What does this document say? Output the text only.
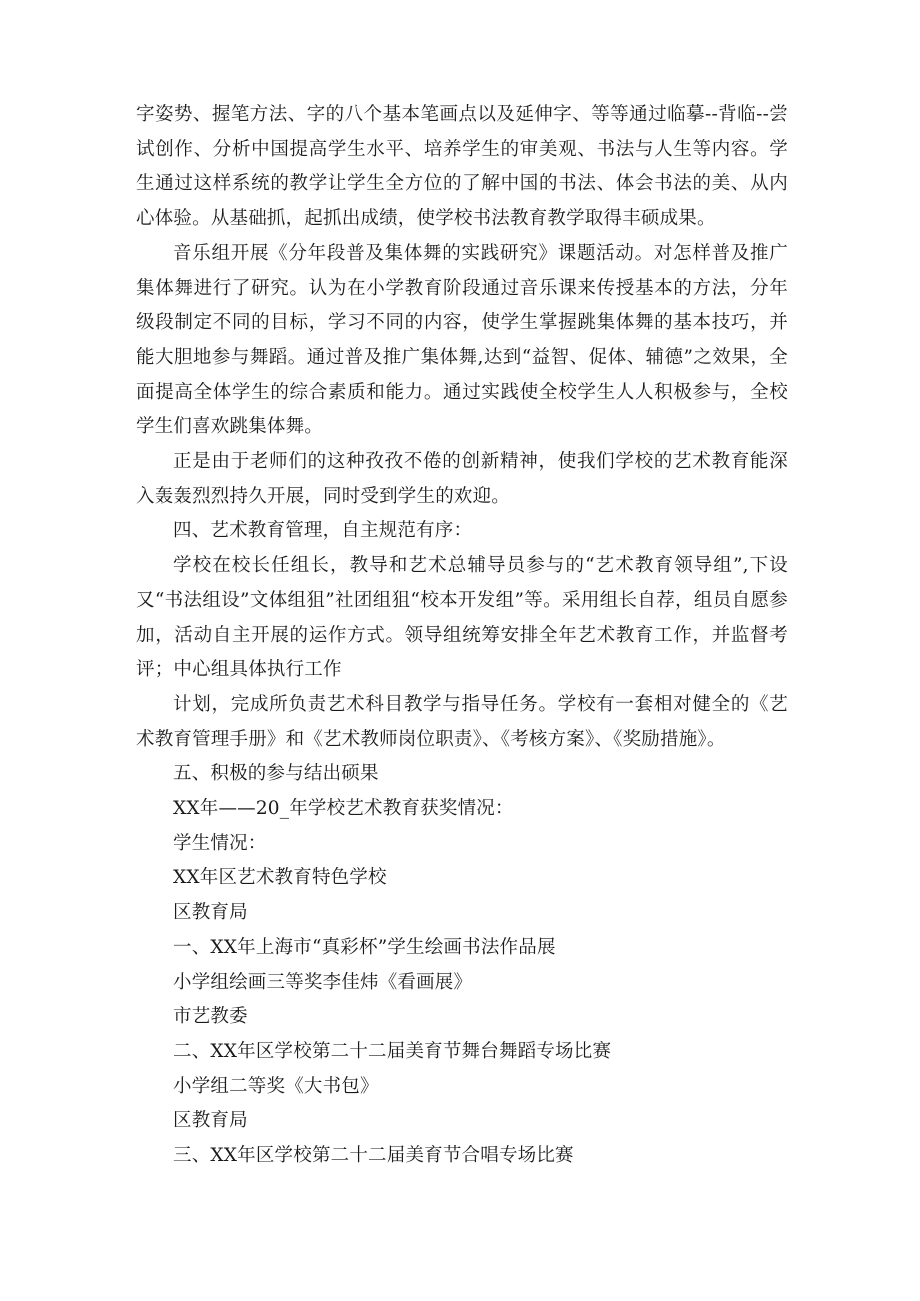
字姿势、握笔方法、字的八个基本笔画点以及延伸字、等等通过临摹--背临--尝试创作、分析中国提高学生水平、培养学生的审美观、书法与人生等内容。学生通过这样系统的教学让学生全方位的了解中国的书法、体会书法的美、从内心体验。从基础抓，起抓出成绩，使学校书法教育教学取得丰硕成果。

音乐组开展《分年段普及集体舞的实践研究》课题活动。对怎样普及推广集体舞进行了研究。认为在小学教育阶段通过音乐课来传授基本的方法，分年级段制定不同的目标，学习不同的内容，使学生掌握跳集体舞的基本技巧，并能大胆地参与舞蹈。通过普及推广集体舞,达到“益智、促体、辅德”之效果，全面提高全体学生的综合素质和能力。通过实践使全校学生人人积极参与，全校学生们喜欢跳集体舞。

正是由于老师们的这种孜孜不倦的创新精神，使我们学校的艺术教育能深入轰轰烈烈持久开展，同时受到学生的欢迎。

四、艺术教育管理，自主规范有序：

学校在校长任组长，教导和艺术总辅导员参与的“艺术教育领导组”,下设又“书法组设”文体组狙”社团组狙“校本开发组”等。采用组长自荐，组员自愿参加，活动自主开展的运作方式。领导组统筹安排全年艺术教育工作，并监督考评；中心组具体执行工作

计划，完成所负责艺术科目教学与指导任务。学校有一套相对健全的《艺术教育管理手册》和《艺术教师岗位职责》、《考核方案》、《奖励措施》。

五、积极的参与结出硕果

XX年——20_年学校艺术教育获奖情况：

学生情况：

XX年区艺术教育特色学校

区教育局

一、XX年上海市“真彩杯”学生绘画书法作品展

小学组绘画三等奖李佳炜《看画展》

市艺教委

二、XX年区学校第二十二届美育节舞台舞蹈专场比赛

小学组二等奖《大书包》

区教育局

三、XX年区学校第二十二届美育节合唱专场比赛
